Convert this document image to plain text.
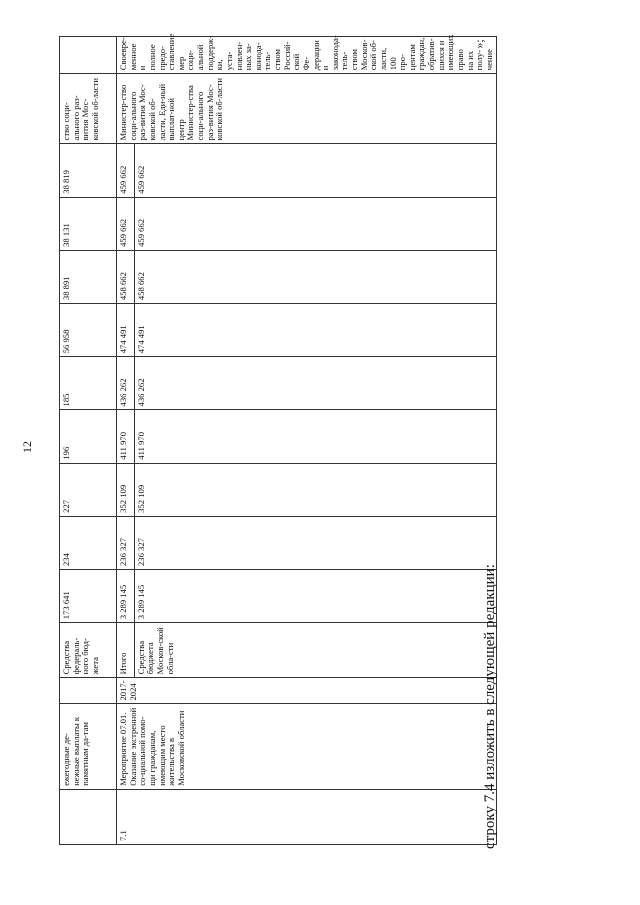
12
	ежегодные де-нежные выплаты к памятным да-там		Средства федераль-ного бюд-жета	173 641	234	227	196	185	56 958	38 891	38 131	38 819	ство соци-ального раз-вития Мос-ковской об-ласти	
7.1	Мероприятие 07.01. Оказание экстренной со-циальной помо-щи гражданам, имеющим место жительства в Московской области	2017-2024	Итого	3 289 145	236 327	352 109	411 970	436 262	474 491	458 662	459 662	459 662	Министер-ство соци-ального раз-вития Мос-ковской об-ласти, Еди-ный выплат-ной центр Министер-ства соци-ального раз-вития Мос-ковской об-ласти	Своевре-менное и полное предо-ставление мер соци-альной поддерж-ки, уста-новлен-ных за-конода-тель-ством Россий-ской Фе-дерации и законода-тель-ством Москов-ской об-ласти, 100 про-центам граждан, обратив-шихся и имеющих право на их полу-чение
			Средства бюджета Москов-ской обла-сти	3 289 145	236 327	352 109	411 970	436 262	474 491	458 662	459 662	459 662		
»;
строку 7.4 изложить в следующей редакции:
